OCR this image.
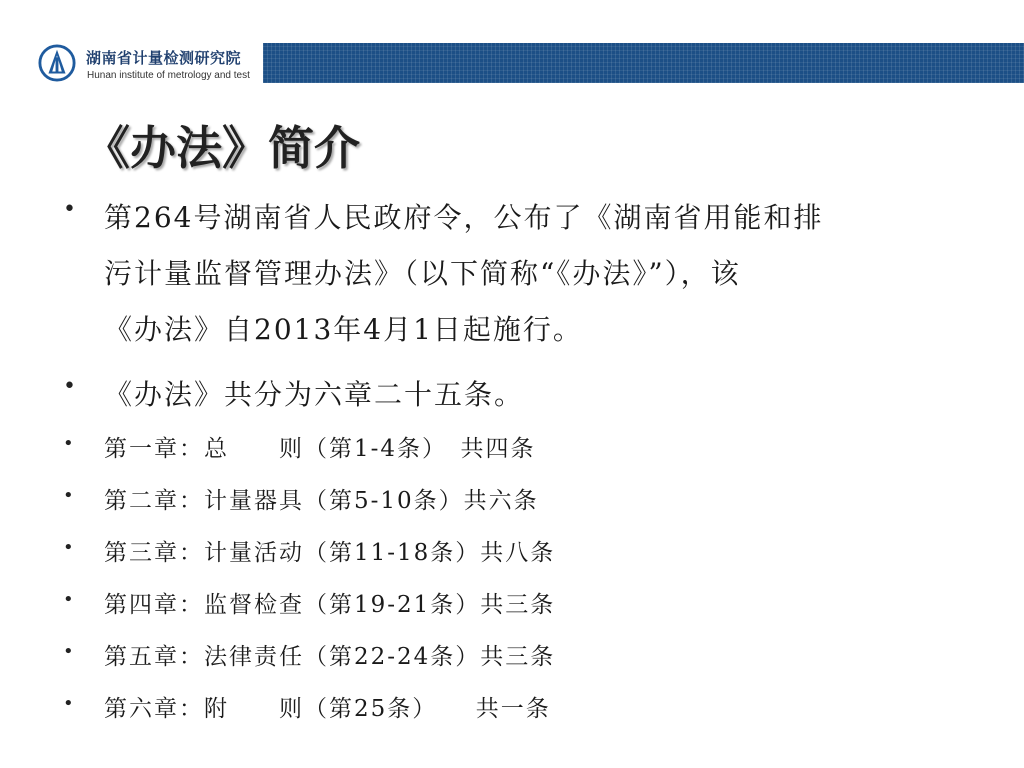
湖南省计量检测研究院
Hunan institute of metrology and test
《办法》简介
• 第264号湖南省人民政府令，公布了《湖南省用能和排
污计量监督管理办法》（以下简称“《办法》”），该
《办法》自2013年4月1日起施行。
• 《办法》共分为六章二十五条。
• 第一章：总　　则（第1-4条）　共四条
• 第二章：计量器具（第5-10条）共六条
• 第三章：计量活动（第11-18条）共八条
• 第四章：监督检查（第19-21条）共三条
• 第五章：法律责任（第22-24条）共三条
• 第六章：附　　则（第25条）　　共一条
